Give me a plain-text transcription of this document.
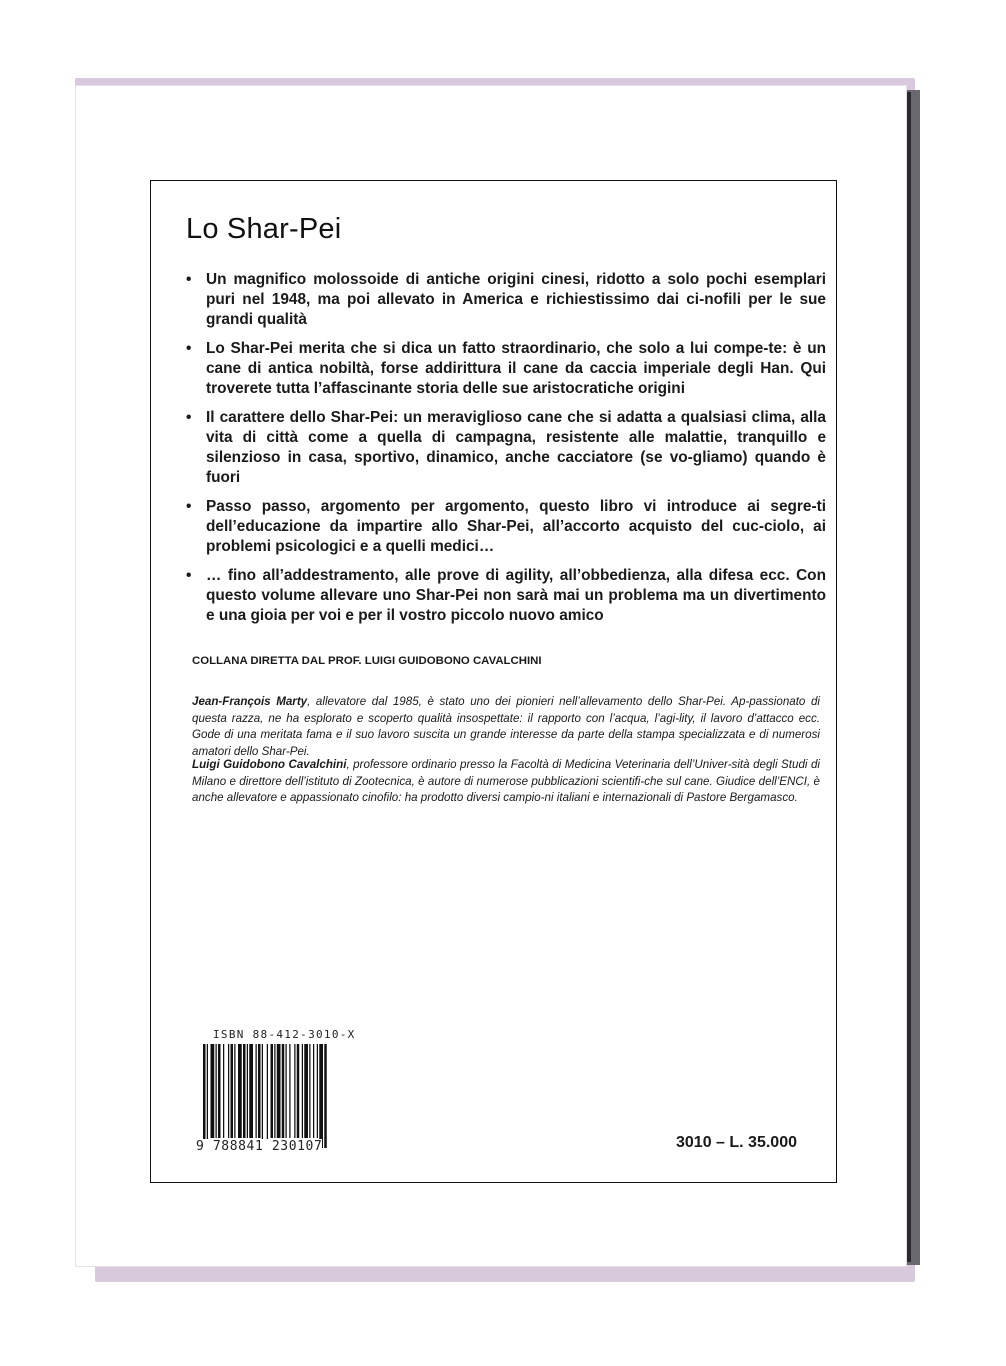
Lo Shar-Pei
• Un magnifico molossoide di antiche origini cinesi, ridotto a solo pochi esemplari puri nel 1948, ma poi allevato in America e richiestissimo dai ci-nofili per le sue grandi qualità
• Lo Shar-Pei merita che si dica un fatto straordinario, che solo a lui compe-te: è un cane di antica nobiltà, forse addirittura il cane da caccia imperiale degli Han. Qui troverete tutta l’affascinante storia delle sue aristocratiche origini
• Il carattere dello Shar-Pei: un meraviglioso cane che si adatta a qualsiasi clima, alla vita di città come a quella di campagna, resistente alle malattie, tranquillo e silenzioso in casa, sportivo, dinamico, anche cacciatore (se vo-gliamo) quando è fuori
• Passo passo, argomento per argomento, questo libro vi introduce ai segre-ti dell’educazione da impartire allo Shar-Pei, all’accorto acquisto del cuc-ciolo, ai problemi psicologici e a quelli medici…
• … fino all’addestramento, alle prove di agility, all’obbedienza, alla difesa ecc. Con questo volume allevare uno Shar-Pei non sarà mai un problema ma un divertimento e una gioia per voi e per il vostro piccolo nuovo amico
COLLANA DIRETTA DAL PROF. LUIGI GUIDOBONO CAVALCHINI

Jean-François Marty, allevatore dal 1985, è stato uno dei pionieri nell’allevamento dello Shar-Pei. Ap-passionato di questa razza, ne ha esplorato e scoperto qualità insospettate: il rapporto con l’acqua, l’agi-lity, il lavoro d’attacco ecc. Gode di una meritata fama e il suo lavoro suscita un grande interesse da parte della stampa specializzata e di numerosi amatori dello Shar-Pei.

Luigi Guidobono Cavalchini, professore ordinario presso la Facoltà di Medicina Veterinaria dell’Univer-sità degli Studi di Milano e direttore dell’istituto di Zootecnica, è autore di numerose pubblicazioni scientifi-che sul cane. Giudice dell’ENCI, è anche allevatore e appassionato cinofilo: ha prodotto diversi campio-ni italiani e internazionali di Pastore Bergamasco.

ISBN 88-412-3010-X
9 788841 230107	3010 – L. 35.000
